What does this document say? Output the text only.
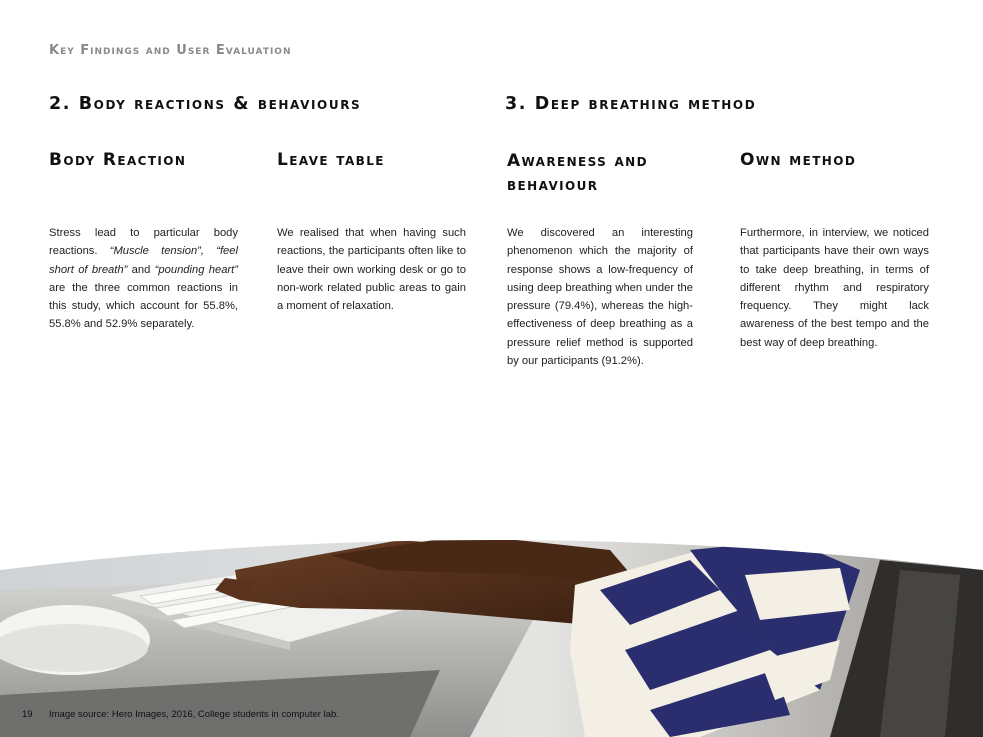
Key Findings and User Evaluation
2. Body reactions & behaviours	3. Deep breathing method
Body Reaction	Leave table	Awareness and behaviour
Own method

Stress lead to particular body reactions. “Muscle tension”, “feel short of breath” and “pounding heart” are the three common reactions in this study, which account for 55.8%, 55.8% and 52.9% separately.

We realised that when having such reactions, the participants often like to leave their own working desk or go to non-work related public areas to gain a moment of relaxation.

We discovered an interesting phenomenon which the majority of response shows a low-frequency of using deep breathing when under the pressure (79.4%), whereas the high-effectiveness of deep breathing as a pressure relief method is supported by our participants (91.2%).

Furthermore, in interview, we noticed that participants have their own ways to take deep breathing, in terms of different rhythm and respiratory frequency. They might lack awareness of the best tempo and the best way of deep breathing.

19 Image source: Hero Images, 2016, College students in computer lab.
